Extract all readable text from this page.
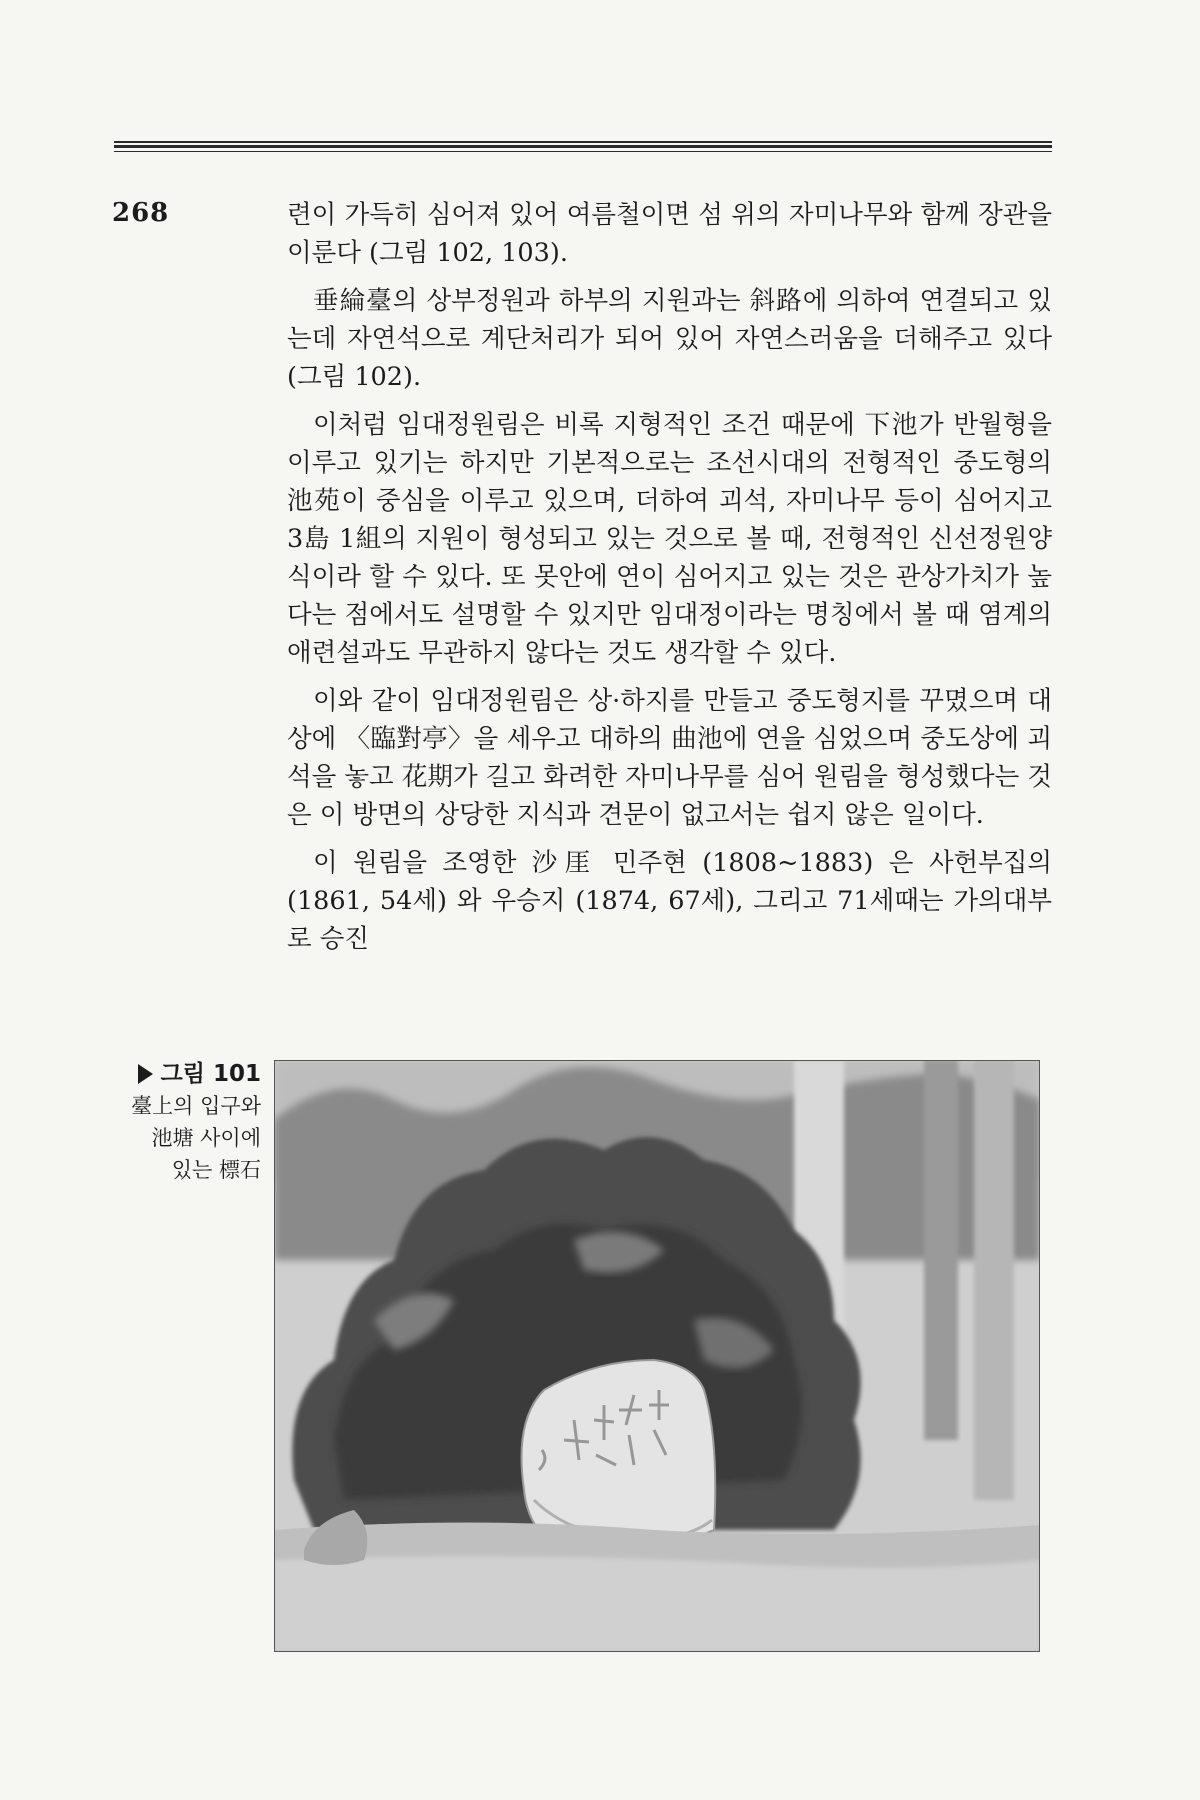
268	련이 가득히 심어져 있어 여름철이면 섬 위의 자미나무와 함께 장관을 이룬다 (그림 102, 103).

垂綸臺의 상부정원과 하부의 지원과는 斜路에 의하여 연결되고 있는데 자연석으로 계단처리가 되어 있어 자연스러움을 더해주고 있다 (그림 102).

이처럼 임대정원림은 비록 지형적인 조건 때문에 下池가 반월형을 이루고 있기는 하지만 기본적으로는 조선시대의 전형적인 중도형의 池苑이 중심을 이루고 있으며, 더하여 괴석, 자미나무 등이 심어지고 3島 1組의 지원이 형성되고 있는 것으로 볼 때, 전형적인 신선정원양식이라 할 수 있다. 또 못안에 연이 심어지고 있는 것은 관상가치가 높다는 점에서도 설명할 수 있지만 임대정이라는 명칭에서 볼 때 염계의 애련설과도 무관하지 않다는 것도 생각할 수 있다.

이와 같이 임대정원림은 상·하지를 만들고 중도형지를 꾸몄으며 대상에 〈臨對亭〉을 세우고 대하의 曲池에 연을 심었으며 중도상에 괴석을 놓고 花期가 길고 화려한 자미나무를 심어 원림을 형성했다는 것은 이 방면의 상당한 지식과 견문이 없고서는 쉽지 않은 일이다.

이 원림을 조영한 沙厓 민주현 (1808~1883) 은 사헌부집의 (1861, 54세) 와 우승지 (1874, 67세), 그리고 71세때는 가의대부로 승진

그림 101
臺上의 입구와
池塘 사이에
있는 標石
